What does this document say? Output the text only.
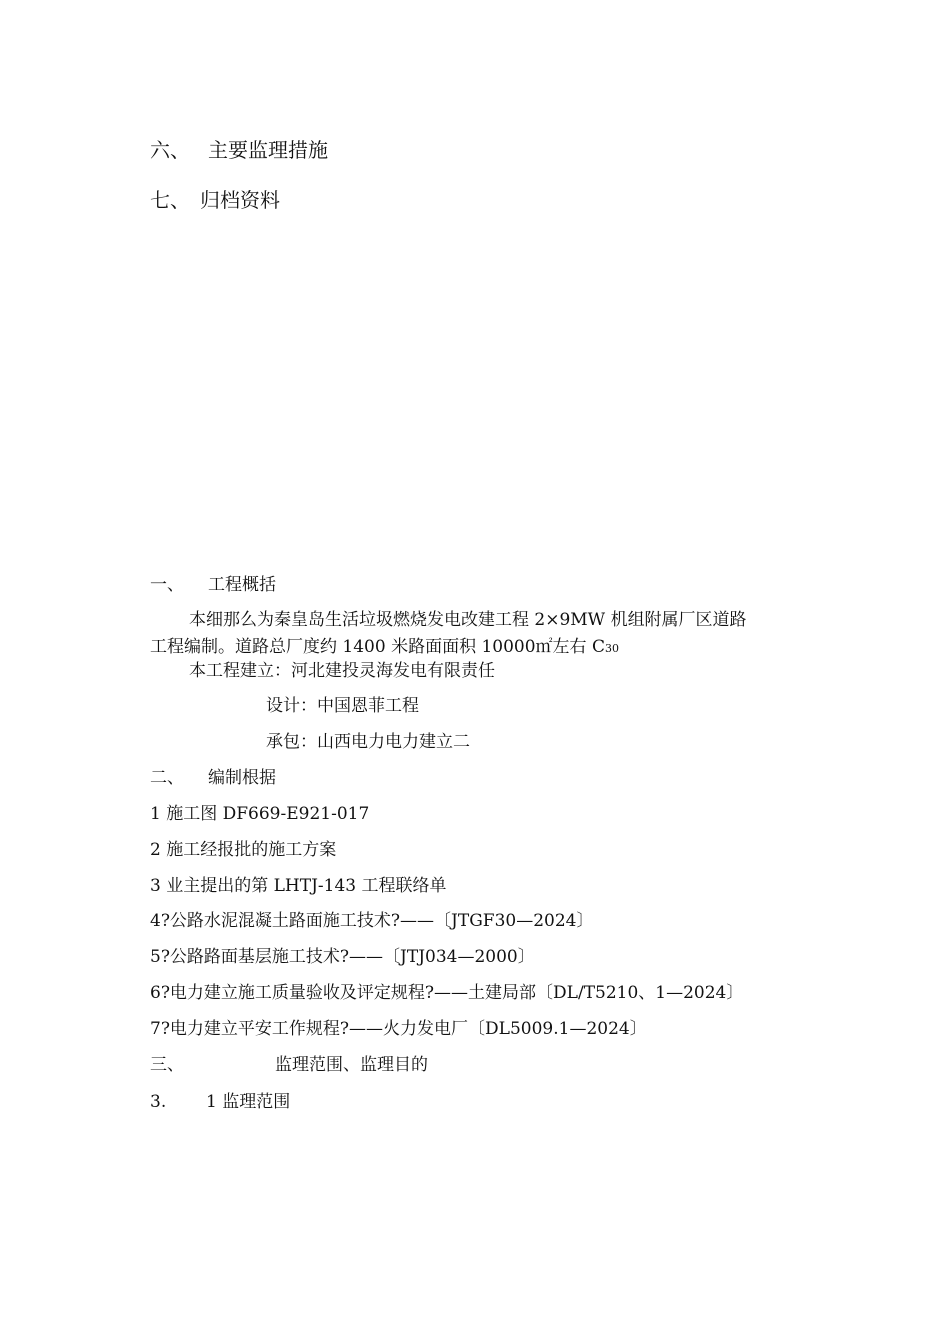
六、 主要监理措施
七、 归档资料
一、 工程概括
本细那么为秦皇岛生活垃圾燃烧发电改建工程 2×9MW 机组附属厂区道路
工程编制。道路总厂度约 1400 米路面面积 10000㎡左右 C30
本工程建立：河北建投灵海发电有限责任
设计：中国恩菲工程
承包：山西电力电力建立二
二、 编制根据
1 施工图 DF669-E921-017
2 施工经报批的施工方案
3 业主提出的第 LHTJ-143 工程联络单
4?公路水泥混凝土路面施工技术?——〔JTGF30—2024〕
5?公路路面基层施工技术?——〔JTJ034—2000〕
6?电力建立施工质量验收及评定规程?——土建局部〔DL/T5210、1—2024〕
7?电力建立平安工作规程?——火力发电厂〔DL5009.1—2024〕
三、	监理范围、监理目的
3. 1 监理范围
